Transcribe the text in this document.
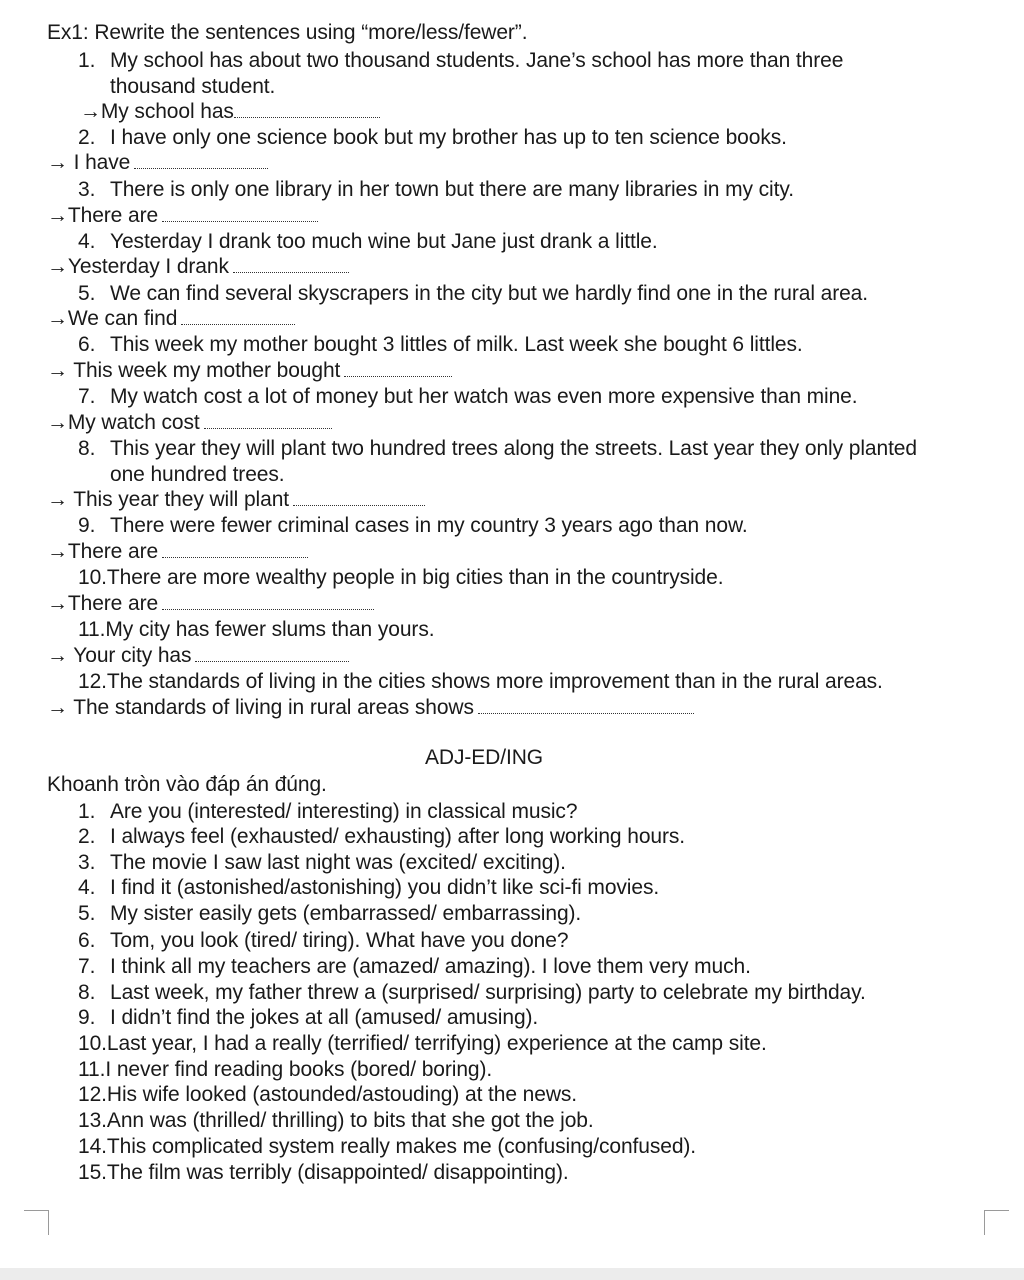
Ex1: Rewrite the sentences using “more/less/fewer”.
1. My school has about two thousand students. Jane’s school has more than three
thousand student.
→My school has
2. I have only one science book but my brother has up to ten science books.
→ I have
3. There is only one library in her town but there are many libraries in my city.
→There are
4. Yesterday I drank too much wine but Jane just drank a little.
→Yesterday I drank
5. We can find several skyscrapers in the city but we hardly find one in the rural area.
→We can find
6. This week my mother bought 3 littles of milk. Last week she bought 6 littles.
→ This week my mother bought
7. My watch cost a lot of money but her watch was even more expensive than mine.
→My watch cost
8. This year they will plant two hundred trees along the streets. Last year they only planted
one hundred trees.
→ This year they will plant
9. There were fewer criminal cases in my country 3 years ago than now.
→There are
10.There are more wealthy people in big cities than in the countryside.
→There are
11.My city has fewer slums than yours.
→ Your city has
12.The standards of living in the cities shows more improvement than in the rural areas.
→ The standards of living in rural areas shows
ADJ-ED/ING
Khoanh tròn vào đáp án đúng.
1. Are you (interested/ interesting) in classical music?
2. I always feel (exhausted/ exhausting) after long working hours.
3. The movie I saw last night was (excited/ exciting).
4. I find it (astonished/astonishing) you didn’t like sci-fi movies.
5. My sister easily gets (embarrassed/ embarrassing).
6. Tom, you look (tired/ tiring). What have you done?
7. I think all my teachers are (amazed/ amazing). I love them very much.
8. Last week, my father threw a (surprised/ surprising) party to celebrate my birthday.
9. I didn’t find the jokes at all (amused/ amusing).
10.Last year, I had a really (terrified/ terrifying) experience at the camp site.
11.I never find reading books (bored/ boring).
12.His wife looked (astounded/astouding) at the news.
13.Ann was (thrilled/ thrilling) to bits that she got the job.
14.This complicated system really makes me (confusing/confused).
15.The film was terribly (disappointed/ disappointing).
